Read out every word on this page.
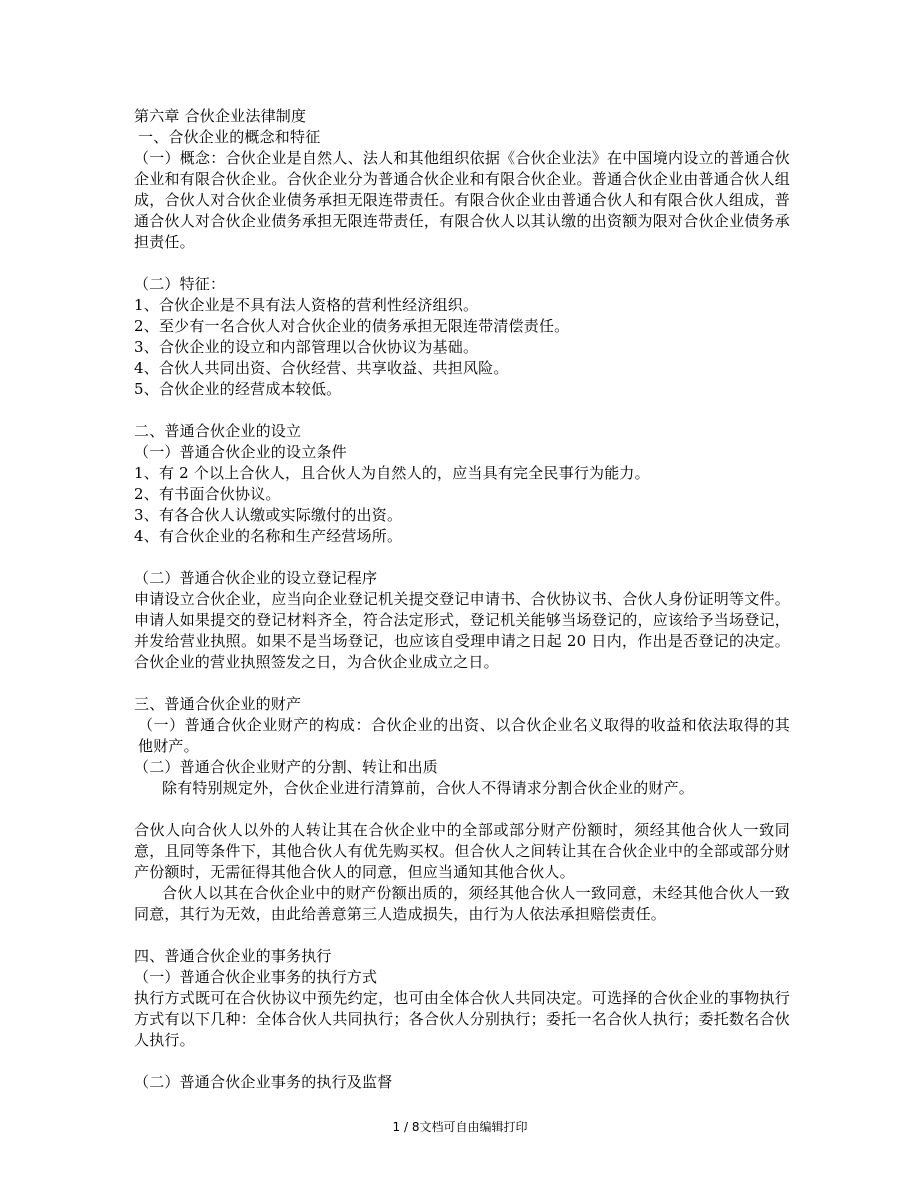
第六章 合伙企业法律制度
一、合伙企业的概念和特征
（一）概念：合伙企业是自然人、法人和其他组织依据《合伙企业法》在中国境内设立的普通合伙企业和有限合伙企业。合伙企业分为普通合伙企业和有限合伙企业。普通合伙企业由普通合伙人组成，合伙人对合伙企业债务承担无限连带责任。有限合伙企业由普通合伙人和有限合伙人组成，普通合伙人对合伙企业债务承担无限连带责任，有限合伙人以其认缴的出资额为限对合伙企业债务承担责任。
（二）特征：
1、合伙企业是不具有法人资格的营利性经济组织。
2、至少有一名合伙人对合伙企业的债务承担无限连带清偿责任。
3、合伙企业的设立和内部管理以合伙协议为基础。
4、合伙人共同出资、合伙经营、共享收益、共担风险。
5、合伙企业的经营成本较低。
二、普通合伙企业的设立
（一）普通合伙企业的设立条件
1、有 2 个以上合伙人，且合伙人为自然人的，应当具有完全民事行为能力。
2、有书面合伙协议。
3、有各合伙人认缴或实际缴付的出资。
4、有合伙企业的名称和生产经营场所。
（二）普通合伙企业的设立登记程序
申请设立合伙企业，应当向企业登记机关提交登记申请书、合伙协议书、合伙人身份证明等文件。申请人如果提交的登记材料齐全，符合法定形式，登记机关能够当场登记的，应该给予当场登记，并发给营业执照。如果不是当场登记，也应该自受理申请之日起 20 日内，作出是否登记的决定。合伙企业的营业执照签发之日，为合伙企业成立之日。
三、普通合伙企业的财产
（一）普通合伙企业财产的构成：合伙企业的出资、以合伙企业名义取得的收益和依法取得的其他财产。
（二）普通合伙企业财产的分割、转让和出质
除有特别规定外，合伙企业进行清算前，合伙人不得请求分割合伙企业的财产。
合伙人向合伙人以外的人转让其在合伙企业中的全部或部分财产份额时，须经其他合伙人一致同意，且同等条件下，其他合伙人有优先购买权。但合伙人之间转让其在合伙企业中的全部或部分财产份额时，无需征得其他合伙人的同意，但应当通知其他合伙人。
合伙人以其在合伙企业中的财产份额出质的，须经其他合伙人一致同意，未经其他合伙人一致同意，其行为无效，由此给善意第三人造成损失，由行为人依法承担赔偿责任。
四、普通合伙企业的事务执行
（一）普通合伙企业事务的执行方式
执行方式既可在合伙协议中预先约定，也可由全体合伙人共同决定。可选择的合伙企业的事物执行方式有以下几种：全体合伙人共同执行；各合伙人分别执行；委托一名合伙人执行；委托数名合伙人执行。
（二）普通合伙企业事务的执行及监督
1 / 8文档可自由编辑打印
